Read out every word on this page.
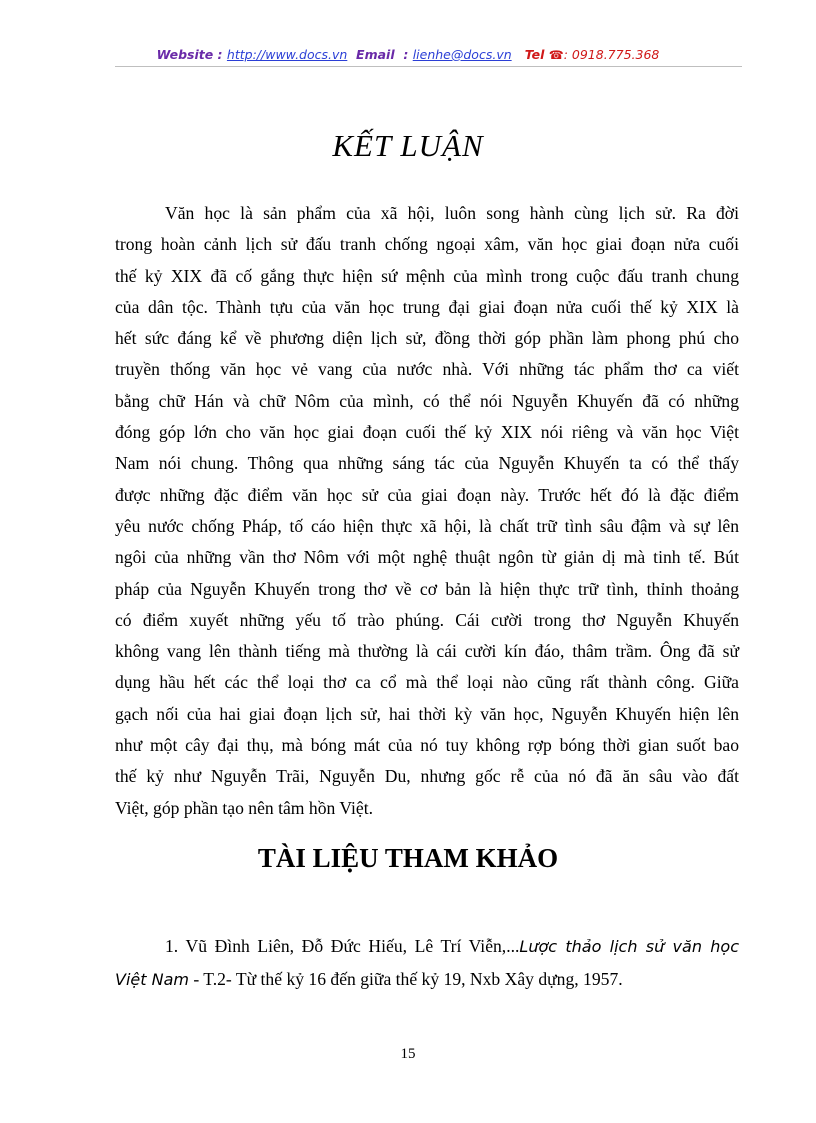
Website : http://www.docs.vn Email : lienhe@docs.vn Tel ☎: 0918.775.368
KẾT LUẬN
Văn học là sản phẩm của xã hội, luôn song hành cùng lịch sử. Ra đời
trong hoàn cảnh lịch sử đấu tranh chống ngoại xâm, văn học giai đoạn nửa cuối
thế kỷ XIX đã cố gắng thực hiện sứ mệnh của mình trong cuộc đấu tranh chung
của dân tộc. Thành tựu của văn học trung đại giai đoạn nửa cuối thế kỷ XIX là
hết sức đáng kể về phương diện lịch sử, đồng thời góp phần làm phong phú cho
truyền thống văn học vẻ vang của nước nhà. Với những tác phẩm thơ ca viết
bằng chữ Hán và chữ Nôm của mình, có thể nói Nguyễn Khuyến đã có những
đóng góp lớn cho văn học giai đoạn cuối thế kỷ XIX nói riêng và văn học Việt
Nam nói chung. Thông qua những sáng tác của Nguyễn Khuyến ta có thể thấy
được những đặc điểm văn học sử của giai đoạn này. Trước hết đó là đặc điểm
yêu nước chống Pháp, tố cáo hiện thực xã hội, là chất trữ tình sâu đậm và sự lên
ngôi của những vần thơ Nôm với một nghệ thuật ngôn từ giản dị mà tinh tế. Bút
pháp của Nguyễn Khuyến trong thơ về cơ bản là hiện thực trữ tình, thỉnh thoảng
có điểm xuyết những yếu tố trào phúng. Cái cười trong thơ Nguyễn Khuyến
không vang lên thành tiếng mà thường là cái cười kín đáo, thâm trầm. Ông đã sử
dụng hầu hết các thể loại thơ ca cổ mà thể loại nào cũng rất thành công. Giữa
gạch nối của hai giai đoạn lịch sử, hai thời kỳ văn học, Nguyễn Khuyến hiện lên
như một cây đại thụ, mà bóng mát của nó tuy không rợp bóng thời gian suốt bao
thế kỷ như Nguyễn Trãi, Nguyễn Du, nhưng gốc rễ của nó đã ăn sâu vào đất
Việt, góp phần tạo nên tâm hồn Việt.
TÀI LIỆU THAM KHẢO
1. Vũ Đình Liên, Đỗ Đức Hiếu, Lê Trí Viễn,...Lược thảo lịch sử văn học
Việt Nam - T.2- Từ thế kỷ 16 đến giữa thế kỷ 19, Nxb Xây dựng, 1957.
15
